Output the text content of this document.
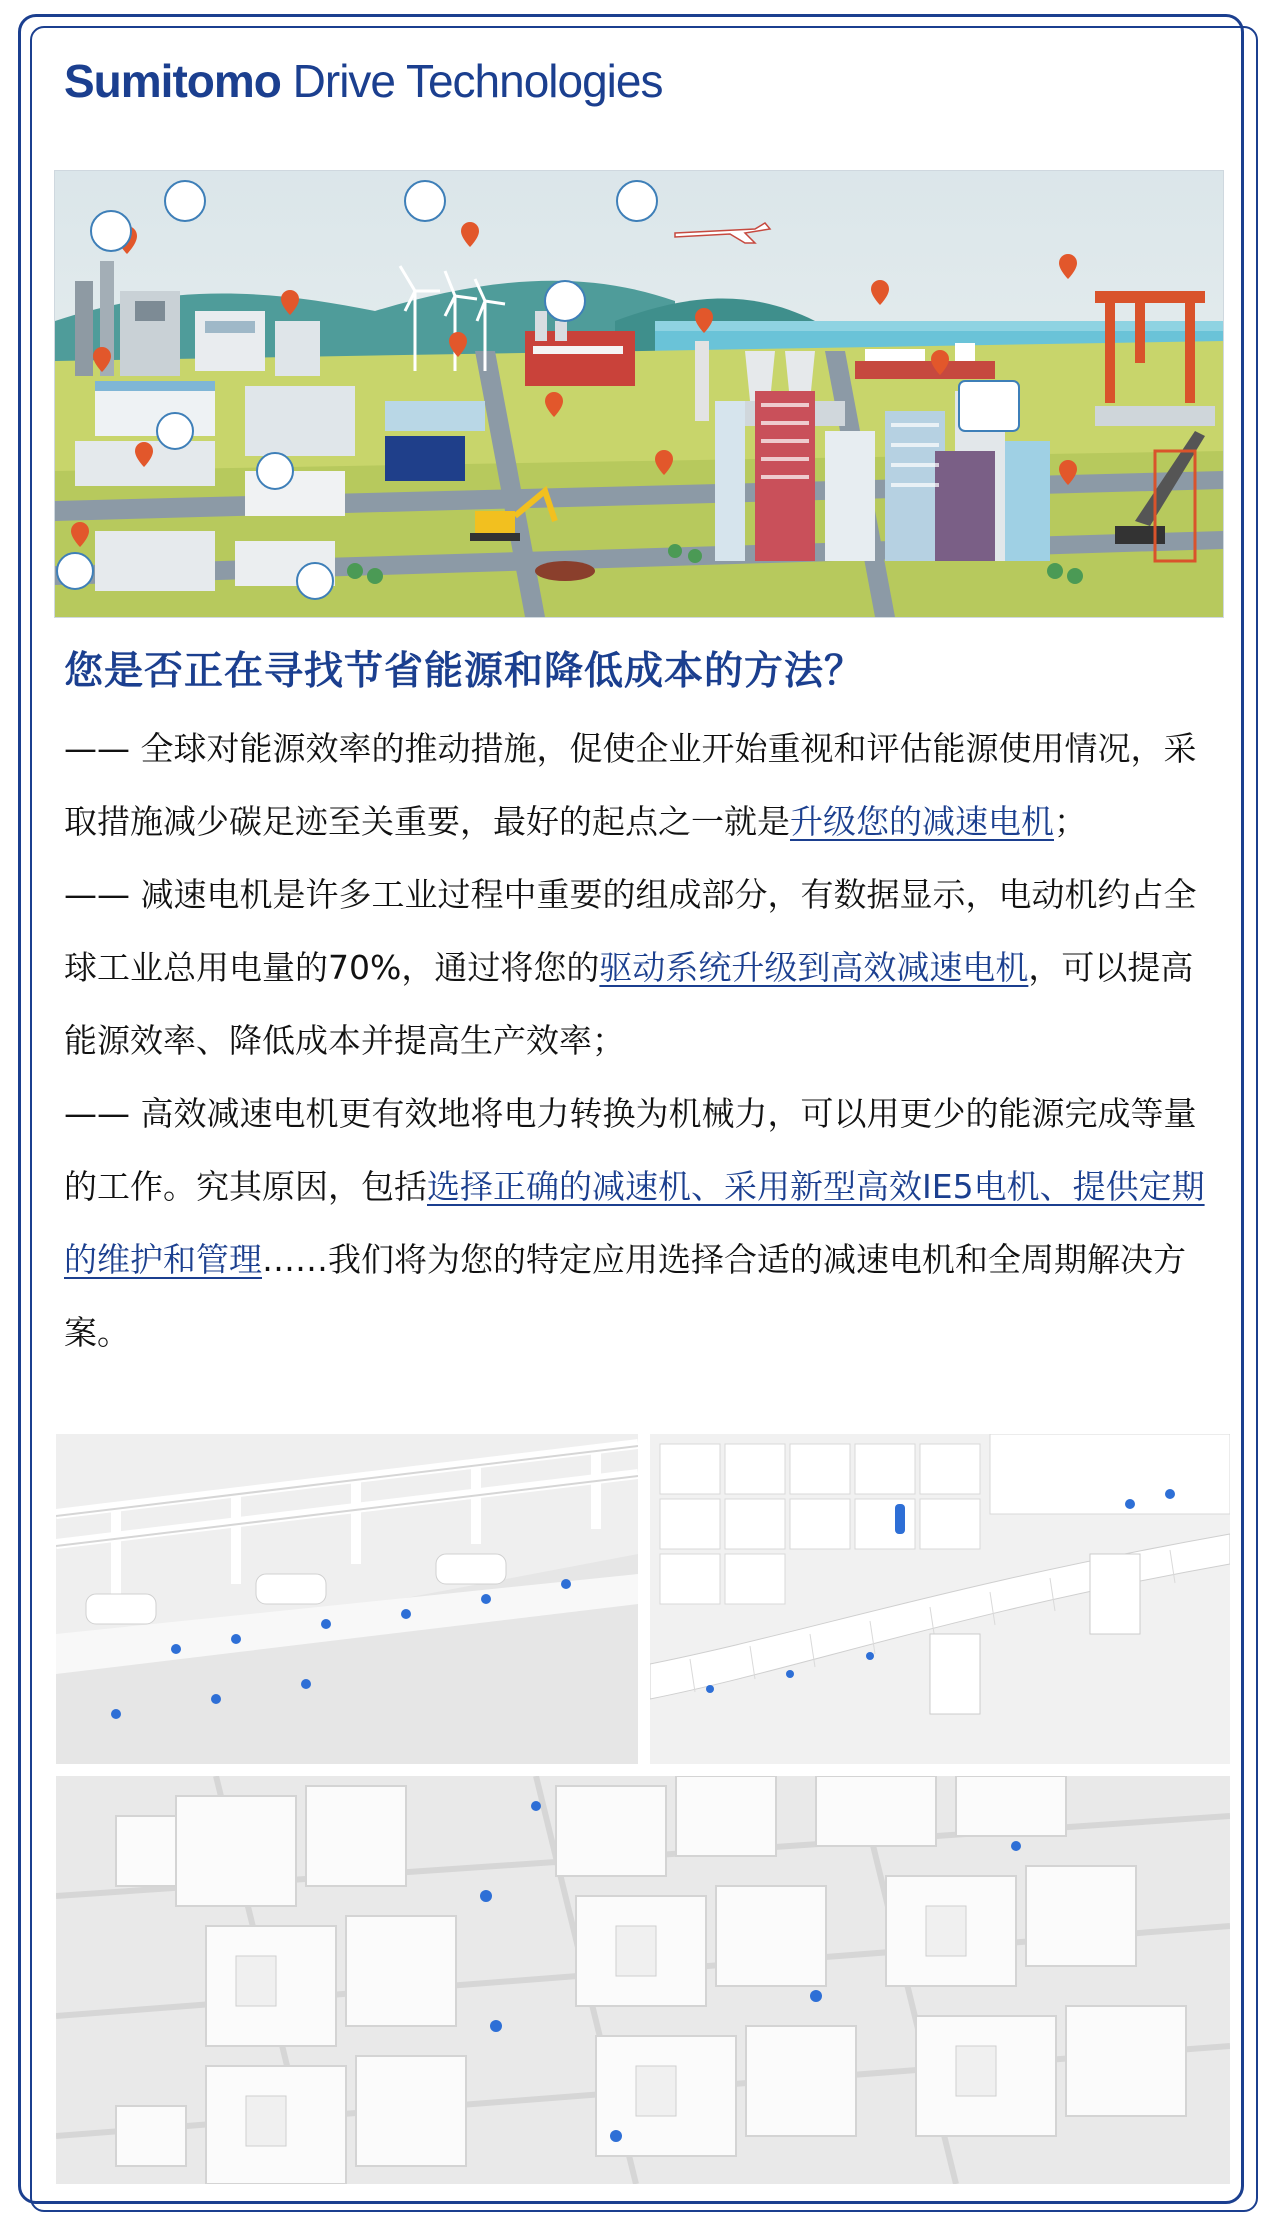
Sumitomo Drive Technologies
您是否正在寻找节省能源和降低成本的方法？

—— 全球对能源效率的推动措施，促使企业开始重视和评估能源使用情况，采取措施减少碳足迹至关重要，最好的起点之一就是升级您的减速电机；

—— 减速电机是许多工业过程中重要的组成部分，有数据显示，电动机约占全球工业总用电量的70%，通过将您的驱动系统升级到高效减速电机，可以提高能源效率、降低成本并提高生产效率；

—— 高效减速电机更有效地将电力转换为机械力，可以用更少的能源完成等量的工作。究其原因，包括选择正确的减速机、采用新型高效IE5电机、提供定期的维护和管理……我们将为您的特定应用选择合适的减速电机和全周期解决方案。
